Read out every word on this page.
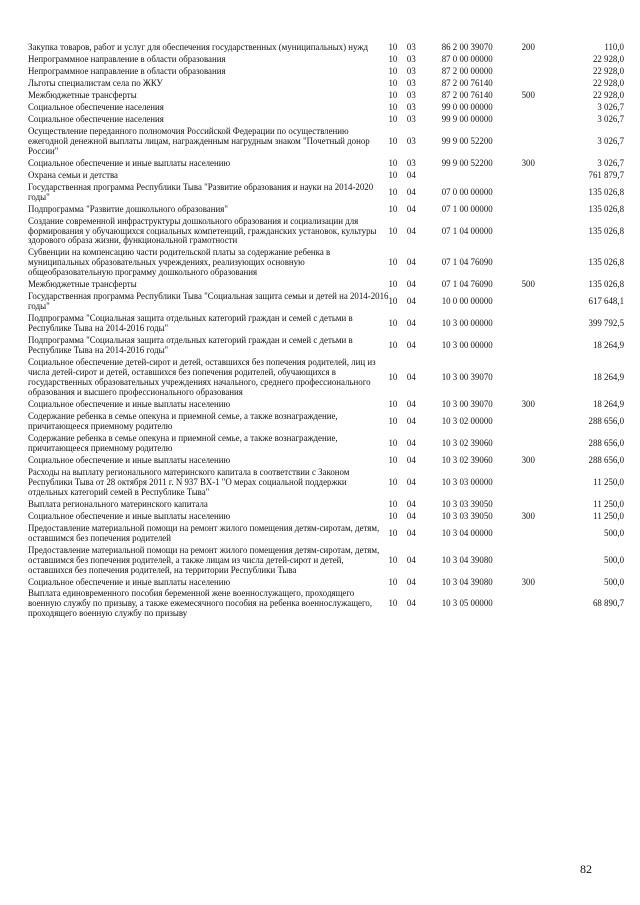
Закупка товаров, работ и услуг для обеспечения государственных (муниципальных) нужд	10	03	86 2 00 39070	200	110,0
Непрограммное направление в области образования	10	03	87 0 00 00000		22 928,0
Непрограммное направление в области образования	10	03	87 2 00 00000		22 928,0
Льготы специалистам села по ЖКУ	10	03	87 2 00 76140		22 928,0
Межбюджетные трансферты	10	03	87 2 00 76140	500	22 928,0
Социальное обеспечение населения	10	03	99 0 00 00000		3 026,7
Социальное обеспечение населения	10	03	99 9 00 00000		3 026,7
Осуществление переданного полномочия Российской Федерации по осуществлению ежегодной денежной выплаты лицам, награжденным нагрудным знаком "Почетный донор России"	10	03	99 9 00 52200		3 026,7
Социальное обеспечение и иные выплаты населению	10	03	99 9 00 52200	300	3 026,7
Охрана семьи и детства	10	04			761 879,7
Государственная программа Республики Тыва "Развитие образования и науки на 2014-2020 годы"	10	04	07 0 00 00000		135 026,8
Подпрограмма "Развитие дошкольного образования"	10	04	07 1 00 00000		135 026,8
Создание современной инфраструктуры дошкольного образования и социализации для формирования у обучающихся социальных компетенций, гражданских установок, культуры здорового образа жизни, функциональной грамотности	10	04	07 1 04 00000		135 026,8
Субвенции на компенсацию части родительской платы за содержание ребенка в муниципальных образовательных учреждениях, реализующих основную общеобразовательную программу дошкольного образования	10	04	07 1 04 76090		135 026,8
Межбюджетные трансферты	10	04	07 1 04 76090	500	135 026,8
Государственная программа Республики Тыва "Социальная защита семьи и детей на 2014-2016 годы"	10	04	10 0 00 00000		617 648,1
Подпрограмма "Социальная защита отдельных категорий граждан и семей с детьми в Республике Тыва на 2014-2016 годы"	10	04	10 3 00 00000		399 792,5
Подпрограмма "Социальная защита отдельных категорий граждан и семей с детьми в Республике Тыва на 2014-2016 годы"	10	04	10 3 00 00000		18 264,9
Социальное обеспечение детей-сирот и детей, оставшихся без попечения родителей, лиц из числа детей-сирот и детей, оставшихся без попечения родителей, обучающихся в государственных образовательных учреждениях начального, среднего профессионального образования и высшего профессионального образования	10	04	10 3 00 39070		18 264,9
Социальное обеспечение и иные выплаты населению	10	04	10 3 00 39070	300	18 264,9
Содержание ребенка в семье опекуна и приемной семье, а также вознаграждение, причитающееся приемному родителю	10	04	10 3 02 00000		288 656,0
Содержание ребенка в семье опекуна и приемной семье, а также вознаграждение, причитающееся приемному родителю	10	04	10 3 02 39060		288 656,0
Социальное обеспечение и иные выплаты населению	10	04	10 3 02 39060	300	288 656,0
Расходы на выплату регионального материнского капитала в соответствии с Законом Республики Тыва от 28 октября 2011 г. N 937 ВХ-1 "О мерах социальной поддержки отдельных категорий семей в Республике Тыва"	10	04	10 3 03 00000		11 250,0
Выплата регионального материнского капитала	10	04	10 3 03 39050		11 250,0
Социальное обеспечение и иные выплаты населению	10	04	10 3 03 39050	300	11 250,0
Предоставление материальной помощи на ремонт жилого помещения детям-сиротам, детям, оставшимся без попечения родителей	10	04	10 3 04 00000		500,0
Предоставление материальной помощи на ремонт жилого помещения детям-сиротам, детям, оставшимся без попечения родителей, а также лицам из числа детей-сирот и детей, оставшихся без попечения родителей, на территории Республики Тыва	10	04	10 3 04 39080		500,0
Социальное обеспечение и иные выплаты населению	10	04	10 3 04 39080	300	500,0
Выплата единовременного пособия беременной жене военнослужащего, проходящего военную службу по призыву, а также ежемесячного пособия на ребенка военнослужащего, проходящего военную службу по призыву	10	04	10 3 05 00000		68 890,7
82
